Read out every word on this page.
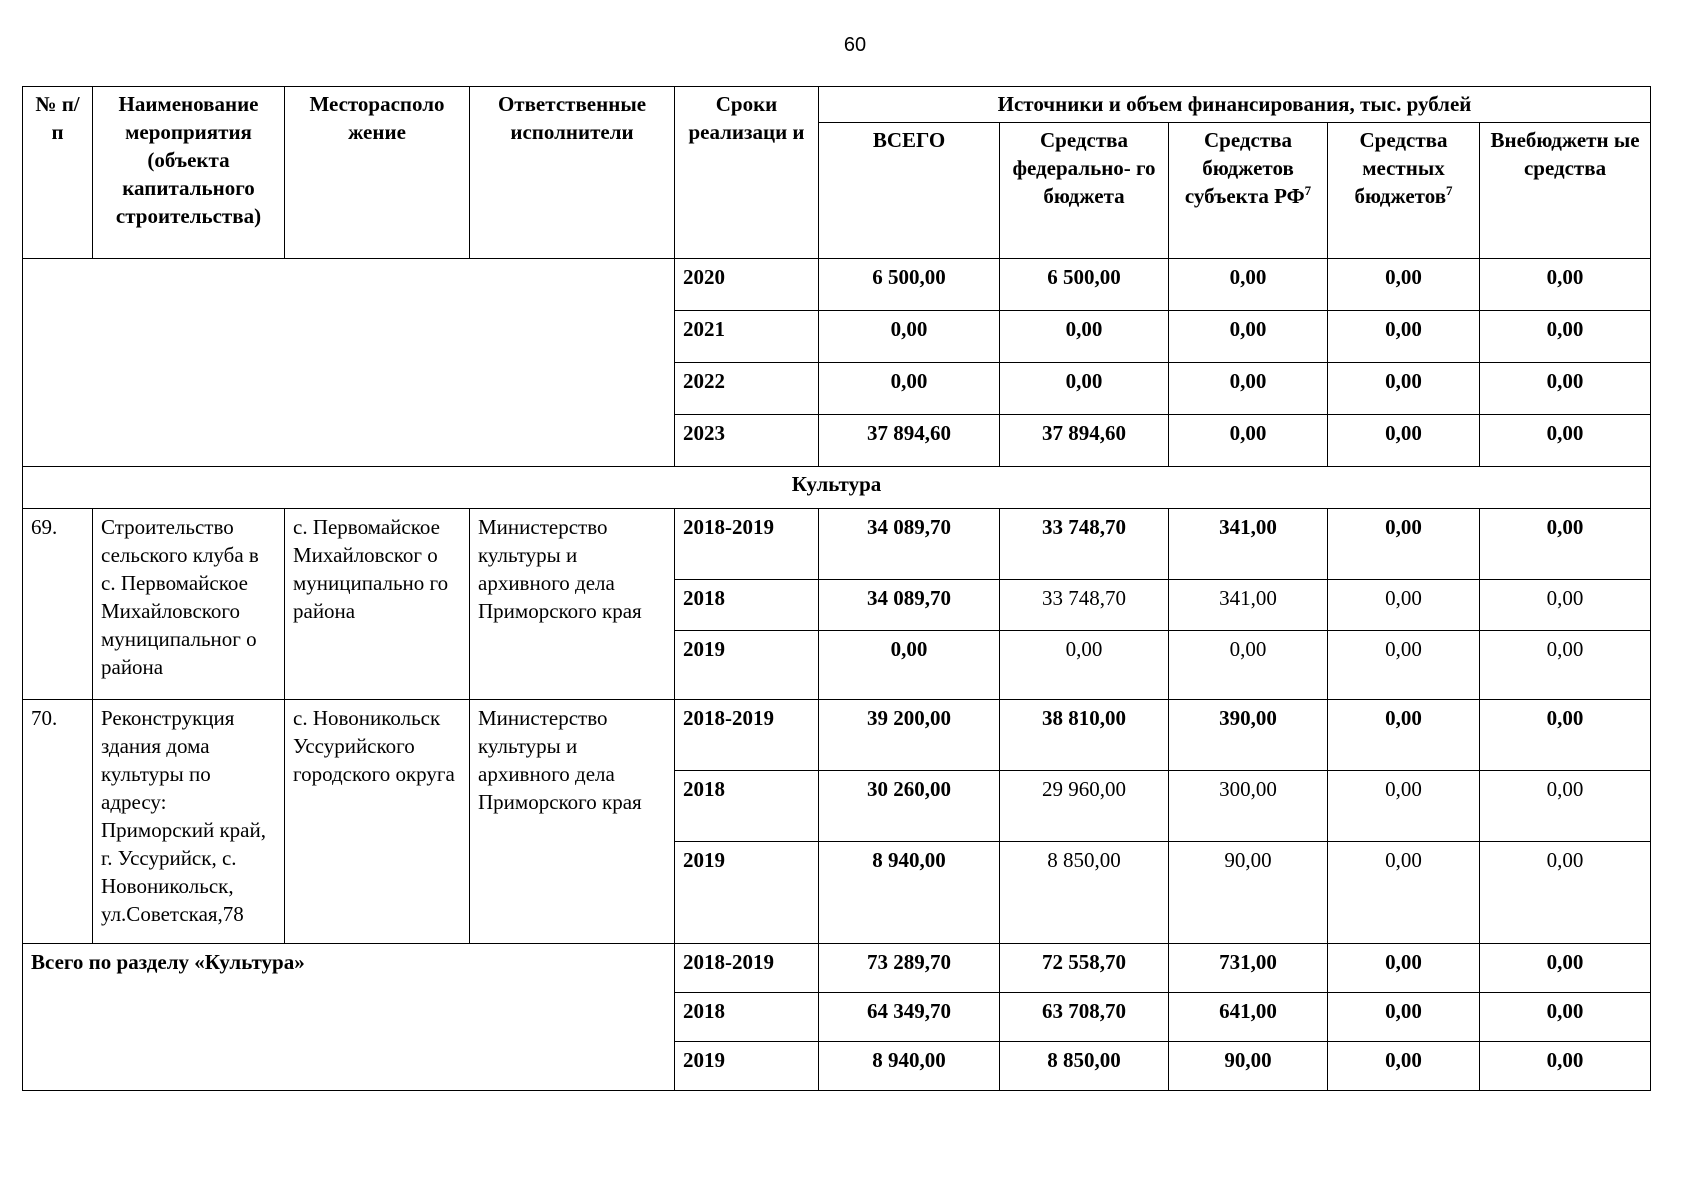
60
№ п/п	Наименование мероприятия (объекта капитального строительства)	Месторасполо жение	Ответственные исполнители	Сроки реализаци и	Источники и объем финансирования, тыс. рублей				
					ВСЕГО	Средства федерально- го бюджета	Средства бюджетов субъекта $РФ^7$	Средства местных бюджетов$^7$	Внебюджетн ые средства
				2020	6 500,00	6 500,00	0,00	0,00	0,00
				2021	0,00	0,00	0,00	0,00	0,00
				2022	0,00	0,00	0,00	0,00	0,00
				2023	37 894,60	37 894,60	0,00	0,00	0,00
Культура									
69.	Строительство сельского клуба в с. Первомайское Михайловского муниципальног о района	с. Первомайское Михайловског о муниципально го района	Министерство культуры и архивного дела Приморского края	2018-2019	34 089,70	33 748,70	341,00	0,00	0,00
				2018	34 089,70	33 748,70	341,00	0,00	0,00
				2019	0,00	0,00	0,00	0,00	0,00
70.	Реконструкция здания дома культуры по адресу: Приморский край, г. Уссурийск, с. Новоникольск, ул.Советская,78	с. Новоникольск Уссурийского городского округа	Министерство культуры и архивного дела Приморского края	2018-2019	39 200,00	38 810,00	390,00	0,00	0,00
				2018	30 260,00	29 960,00	300,00	0,00	0,00
				2019	8 940,00	8 850,00	90,00	0,00	0,00
Всего по разделу «Культура»				2018-2019	73 289,70	72 558,70	731,00	0,00	0,00
				2018	64 349,70	63 708,70	641,00	0,00	0,00
				2019	8 940,00	8 850,00	90,00	0,00	0,00
